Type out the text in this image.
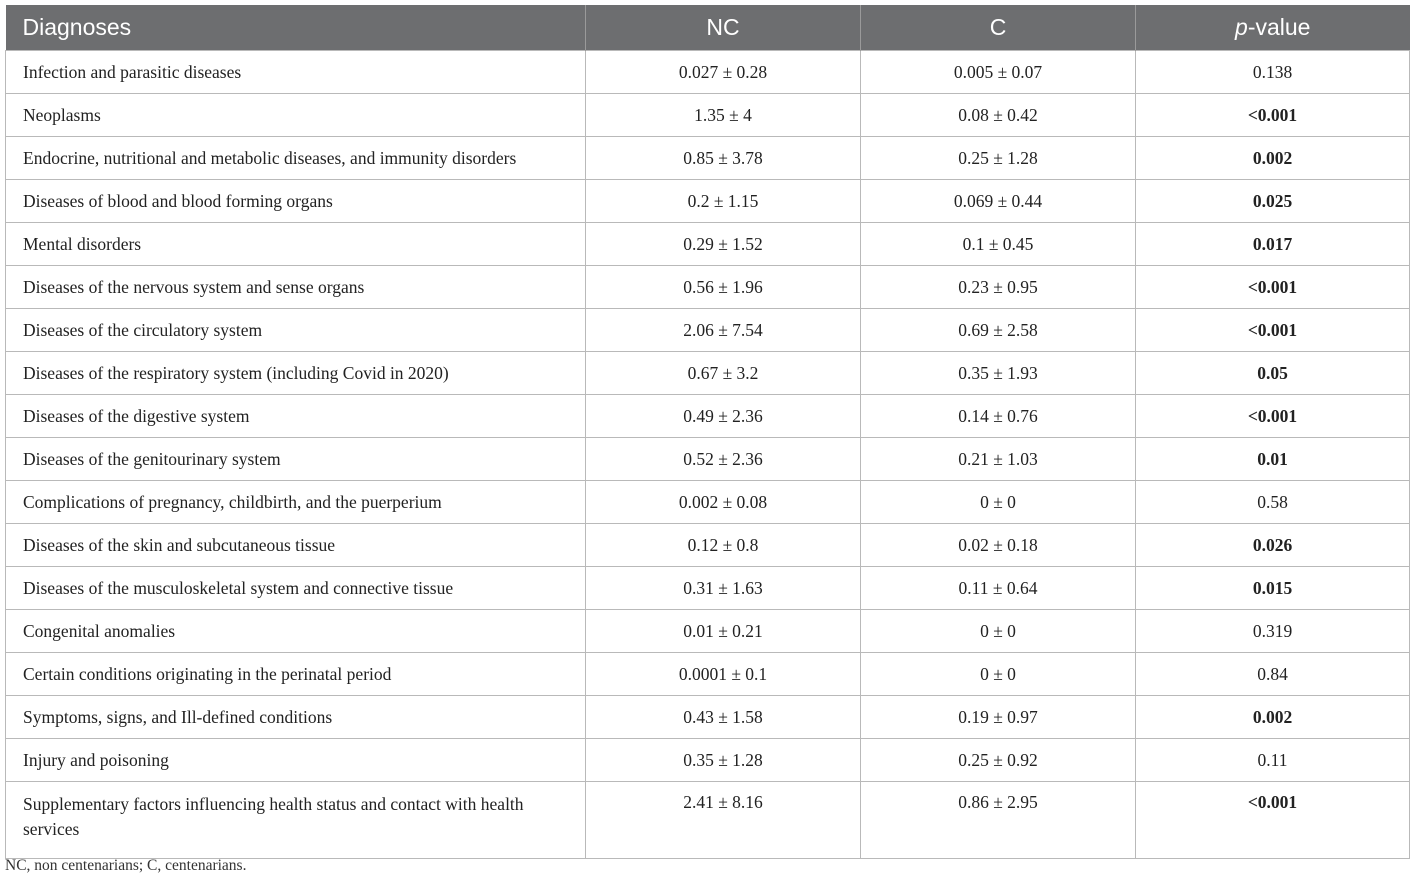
Diagnoses	NC	C	p-value
Infection and parasitic diseases	0.027 ± 0.28	0.005 ± 0.07	0.138
Neoplasms	1.35 ± 4	0.08 ± 0.42	<0.001
Endocrine, nutritional and metabolic diseases, and immunity disorders	0.85 ± 3.78	0.25 ± 1.28	0.002
Diseases of blood and blood forming organs	0.2 ± 1.15	0.069 ± 0.44	0.025
Mental disorders	0.29 ± 1.52	0.1 ± 0.45	0.017
Diseases of the nervous system and sense organs	0.56 ± 1.96	0.23 ± 0.95	<0.001
Diseases of the circulatory system	2.06 ± 7.54	0.69 ± 2.58	<0.001
Diseases of the respiratory system (including Covid in 2020)	0.67 ± 3.2	0.35 ± 1.93	0.05
Diseases of the digestive system	0.49 ± 2.36	0.14 ± 0.76	<0.001
Diseases of the genitourinary system	0.52 ± 2.36	0.21 ± 1.03	0.01
Complications of pregnancy, childbirth, and the puerperium	0.002 ± 0.08	0 ± 0	0.58
Diseases of the skin and subcutaneous tissue	0.12 ± 0.8	0.02 ± 0.18	0.026
Diseases of the musculoskeletal system and connective tissue	0.31 ± 1.63	0.11 ± 0.64	0.015
Congenital anomalies	0.01 ± 0.21	0 ± 0	0.319
Certain conditions originating in the perinatal period	0.0001 ± 0.1	0 ± 0	0.84
Symptoms, signs, and Ill-defined conditions	0.43 ± 1.58	0.19 ± 0.97	0.002
Injury and poisoning	0.35 ± 1.28	0.25 ± 0.92	0.11
Supplementary factors influencing health status and contact with health services	2.41 ± 8.16	0.86 ± 2.95	<0.001
NC, non centenarians; C, centenarians.
